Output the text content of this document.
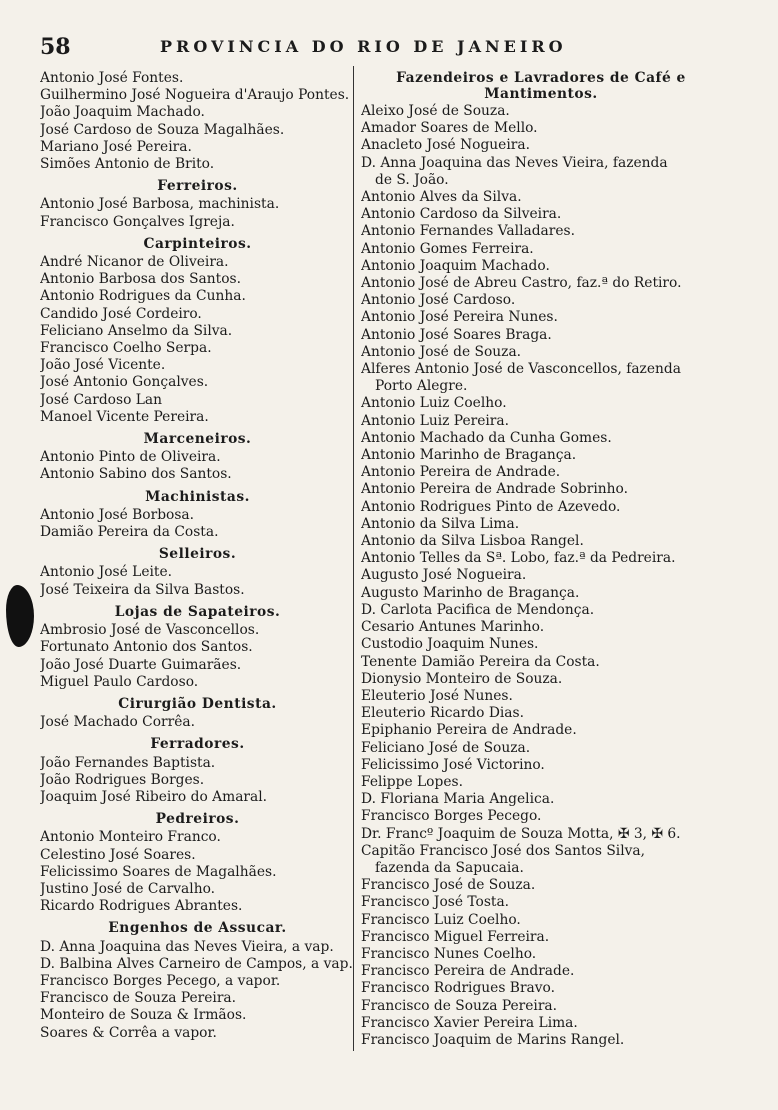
58	PROVINCIA DO RIO DE JANEIRO
Antonio José Fontes.
Guilhermino José Nogueira d'Araujo Pontes.
João Joaquim Machado.
José Cardoso de Souza Magalhães.
Mariano José Pereira.
Simões Antonio de Brito.
Ferreiros.
Antonio José Barbosa, machinista.
Francisco Gonçalves Igreja.
Carpinteiros.
André Nicanor de Oliveira.
Antonio Barbosa dos Santos.
Antonio Rodrigues da Cunha.
Candido José Cordeiro.
Feliciano Anselmo da Silva.
Francisco Coelho Serpa.
João José Vicente.
José Antonio Gonçalves.
José Cardoso Lan
Manoel Vicente Pereira.
Marceneiros.
Antonio Pinto de Oliveira.
Antonio Sabino dos Santos.
Machinistas.
Antonio José Borbosa.
Damião Pereira da Costa.
Selleiros.
Antonio José Leite.
José Teixeira da Silva Bastos.
Lojas de Sapateiros.
Ambrosio José de Vasconcellos.
Fortunato Antonio dos Santos.
João José Duarte Guimarães.
Miguel Paulo Cardoso.
Cirurgião Dentista.
José Machado Corrêa.
Ferradores.
João Fernandes Baptista.
João Rodrigues Borges.
Joaquim José Ribeiro do Amaral.
Pedreiros.
Antonio Monteiro Franco.
Celestino José Soares.
Felicissimo Soares de Magalhães.
Justino José de Carvalho.
Ricardo Rodrigues Abrantes.
Engenhos de Assucar.
D. Anna Joaquina das Neves Vieira, a vap.
D. Balbina Alves Carneiro de Campos, a vap.
Francisco Borges Pecego, a vapor.
Francisco de Souza Pereira.
Monteiro de Souza & Irmãos.
Soares & Corrêa a vapor.
Fazendeiros e Lavradores de Café e Mantimentos.
Aleixo José de Souza.
Amador Soares de Mello.
Anacleto José Nogueira.
D. Anna Joaquina das Neves Vieira, fazenda
de S. João.
Antonio Alves da Silva.
Antonio Cardoso da Silveira.
Antonio Fernandes Valladares.
Antonio Gomes Ferreira.
Antonio Joaquim Machado.
Antonio José de Abreu Castro, faz.ª do Retiro.
Antonio José Cardoso.
Antonio José Pereira Nunes.
Antonio José Soares Braga.
Antonio José de Souza.
Alferes Antonio José de Vasconcellos, fazenda
Porto Alegre.
Antonio Luiz Coelho.
Antonio Luiz Pereira.
Antonio Machado da Cunha Gomes.
Antonio Marinho de Bragança.
Antonio Pereira de Andrade.
Antonio Pereira de Andrade Sobrinho.
Antonio Rodrigues Pinto de Azevedo.
Antonio da Silva Lima.
Antonio da Silva Lisboa Rangel.
Antonio Telles da Sª. Lobo, faz.ª da Pedreira.
Augusto José Nogueira.
Augusto Marinho de Bragança.
D. Carlota Pacifica de Mendonça.
Cesario Antunes Marinho.
Custodio Joaquim Nunes.
Tenente Damião Pereira da Costa.
Dionysio Monteiro de Souza.
Eleuterio José Nunes.
Eleuterio Ricardo Dias.
Epiphanio Pereira de Andrade.
Feliciano José de Souza.
Felicissimo José Victorino.
Felippe Lopes.
D. Floriana Maria Angelica.
Francisco Borges Pecego.
Dr. Francº Joaquim de Souza Motta, ✠ 3, ✠ 6.
Capitão Francisco José dos Santos Silva,
fazenda da Sapucaia.
Francisco José de Souza.
Francisco José Tosta.
Francisco Luiz Coelho.
Francisco Miguel Ferreira.
Francisco Nunes Coelho.
Francisco Pereira de Andrade.
Francisco Rodrigues Bravo.
Francisco de Souza Pereira.
Francisco Xavier Pereira Lima.
Francisco Joaquim de Marins Rangel.
